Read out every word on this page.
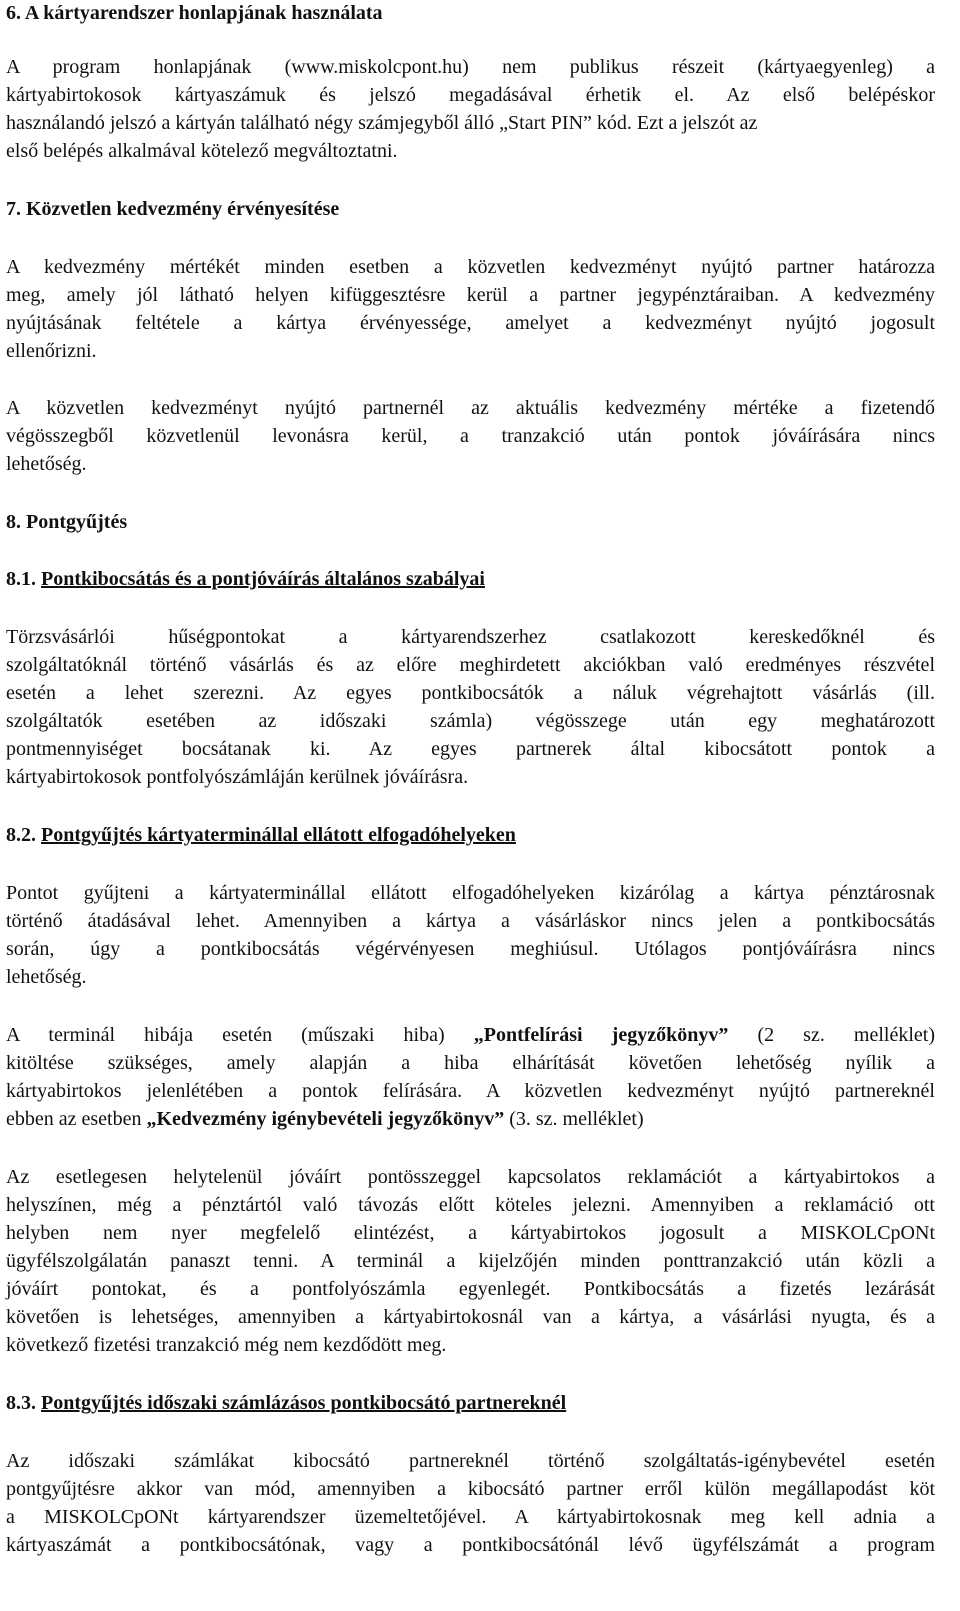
6. A kártyarendszer honlapjának használata
A program honlapjának (www.miskolcpont.hu) nem publikus részeit (kártyaegyenleg) a
kártyabirtokosok kártyaszámuk és jelszó megadásával érhetik el. Az első belépéskor
használandó jelszó a kártyán található négy számjegyből álló „Start PIN” kód. Ezt a jelszót az
első belépés alkalmával kötelező megváltoztatni.
7. Közvetlen kedvezmény érvényesítése
A kedvezmény mértékét minden esetben a közvetlen kedvezményt nyújtó partner határozza
meg, amely jól látható helyen kifüggesztésre kerül a partner jegypénztáraiban. A kedvezmény
nyújtásának feltétele a kártya érvényessége, amelyet a kedvezményt nyújtó jogosult
ellenőrizni.
A közvetlen kedvezményt nyújtó partnernél az aktuális kedvezmény mértéke a fizetendő
végösszegből közvetlenül levonásra kerül, a tranzakció után pontok jóváírására nincs
lehetőség.
8. Pontgyűjtés
8.1. Pontkibocsátás és a pontjóváírás általános szabályai
Törzsvásárlói hűségpontokat a kártyarendszerhez csatlakozott kereskedőknél és
szolgáltatóknál történő vásárlás és az előre meghirdetett akciókban való eredményes részvétel
esetén a lehet szerezni. Az egyes pontkibocsátók a náluk végrehajtott vásárlás (ill.
szolgáltatók esetében az időszaki számla) végösszege után egy meghatározott
pontmennyiséget bocsátanak ki. Az egyes partnerek által kibocsátott pontok a
kártyabirtokosok pontfolyószámláján kerülnek jóváírásra.
8.2. Pontgyűjtés kártyaterminállal ellátott elfogadóhelyeken
Pontot gyűjteni a kártyaterminállal ellátott elfogadóhelyeken kizárólag a kártya pénztárosnak
történő átadásával lehet. Amennyiben a kártya a vásárláskor nincs jelen a pontkibocsátás
során, úgy a pontkibocsátás végérvényesen meghiúsul. Utólagos pontjóváírásra nincs
lehetőség.
A terminál hibája esetén (műszaki hiba) „Pontfelírási jegyzőkönyv” (2 sz. melléklet)
kitöltése szükséges, amely alapján a hiba elhárítását követően lehetőség nyílik a
kártyabirtokos jelenlétében a pontok felírására. A közvetlen kedvezményt nyújtó partnereknél
ebben az esetben „Kedvezmény igénybevételi jegyzőkönyv” (3. sz. melléklet)
Az esetlegesen helytelenül jóváírt pontösszeggel kapcsolatos reklamációt a kártyabirtokos a
helyszínen, még a pénztártól való távozás előtt köteles jelezni. Amennyiben a reklamáció ott
helyben nem nyer megfelelő elintézést, a kártyabirtokos jogosult a MISKOLCpONt
ügyfélszolgálatán panaszt tenni. A terminál a kijelzőjén minden ponttranzakció után közli a
jóváírt pontokat, és a pontfolyószámla egyenlegét. Pontkibocsátás a fizetés lezárását
követően is lehetséges, amennyiben a kártyabirtokosnál van a kártya, a vásárlási nyugta, és a
következő fizetési tranzakció még nem kezdődött meg.
8.3. Pontgyűjtés időszaki számlázásos pontkibocsátó partnereknél
Az időszaki számlákat kibocsátó partnereknél történő szolgáltatás-igénybevétel esetén
pontgyűjtésre akkor van mód, amennyiben a kibocsátó partner erről külön megállapodást köt
a MISKOLCpONt kártyarendszer üzemeltetőjével. A kártyabirtokosnak meg kell adnia a
kártyaszámát a pontkibocsátónak, vagy a pontkibocsátónál lévő ügyfélszámát a program
